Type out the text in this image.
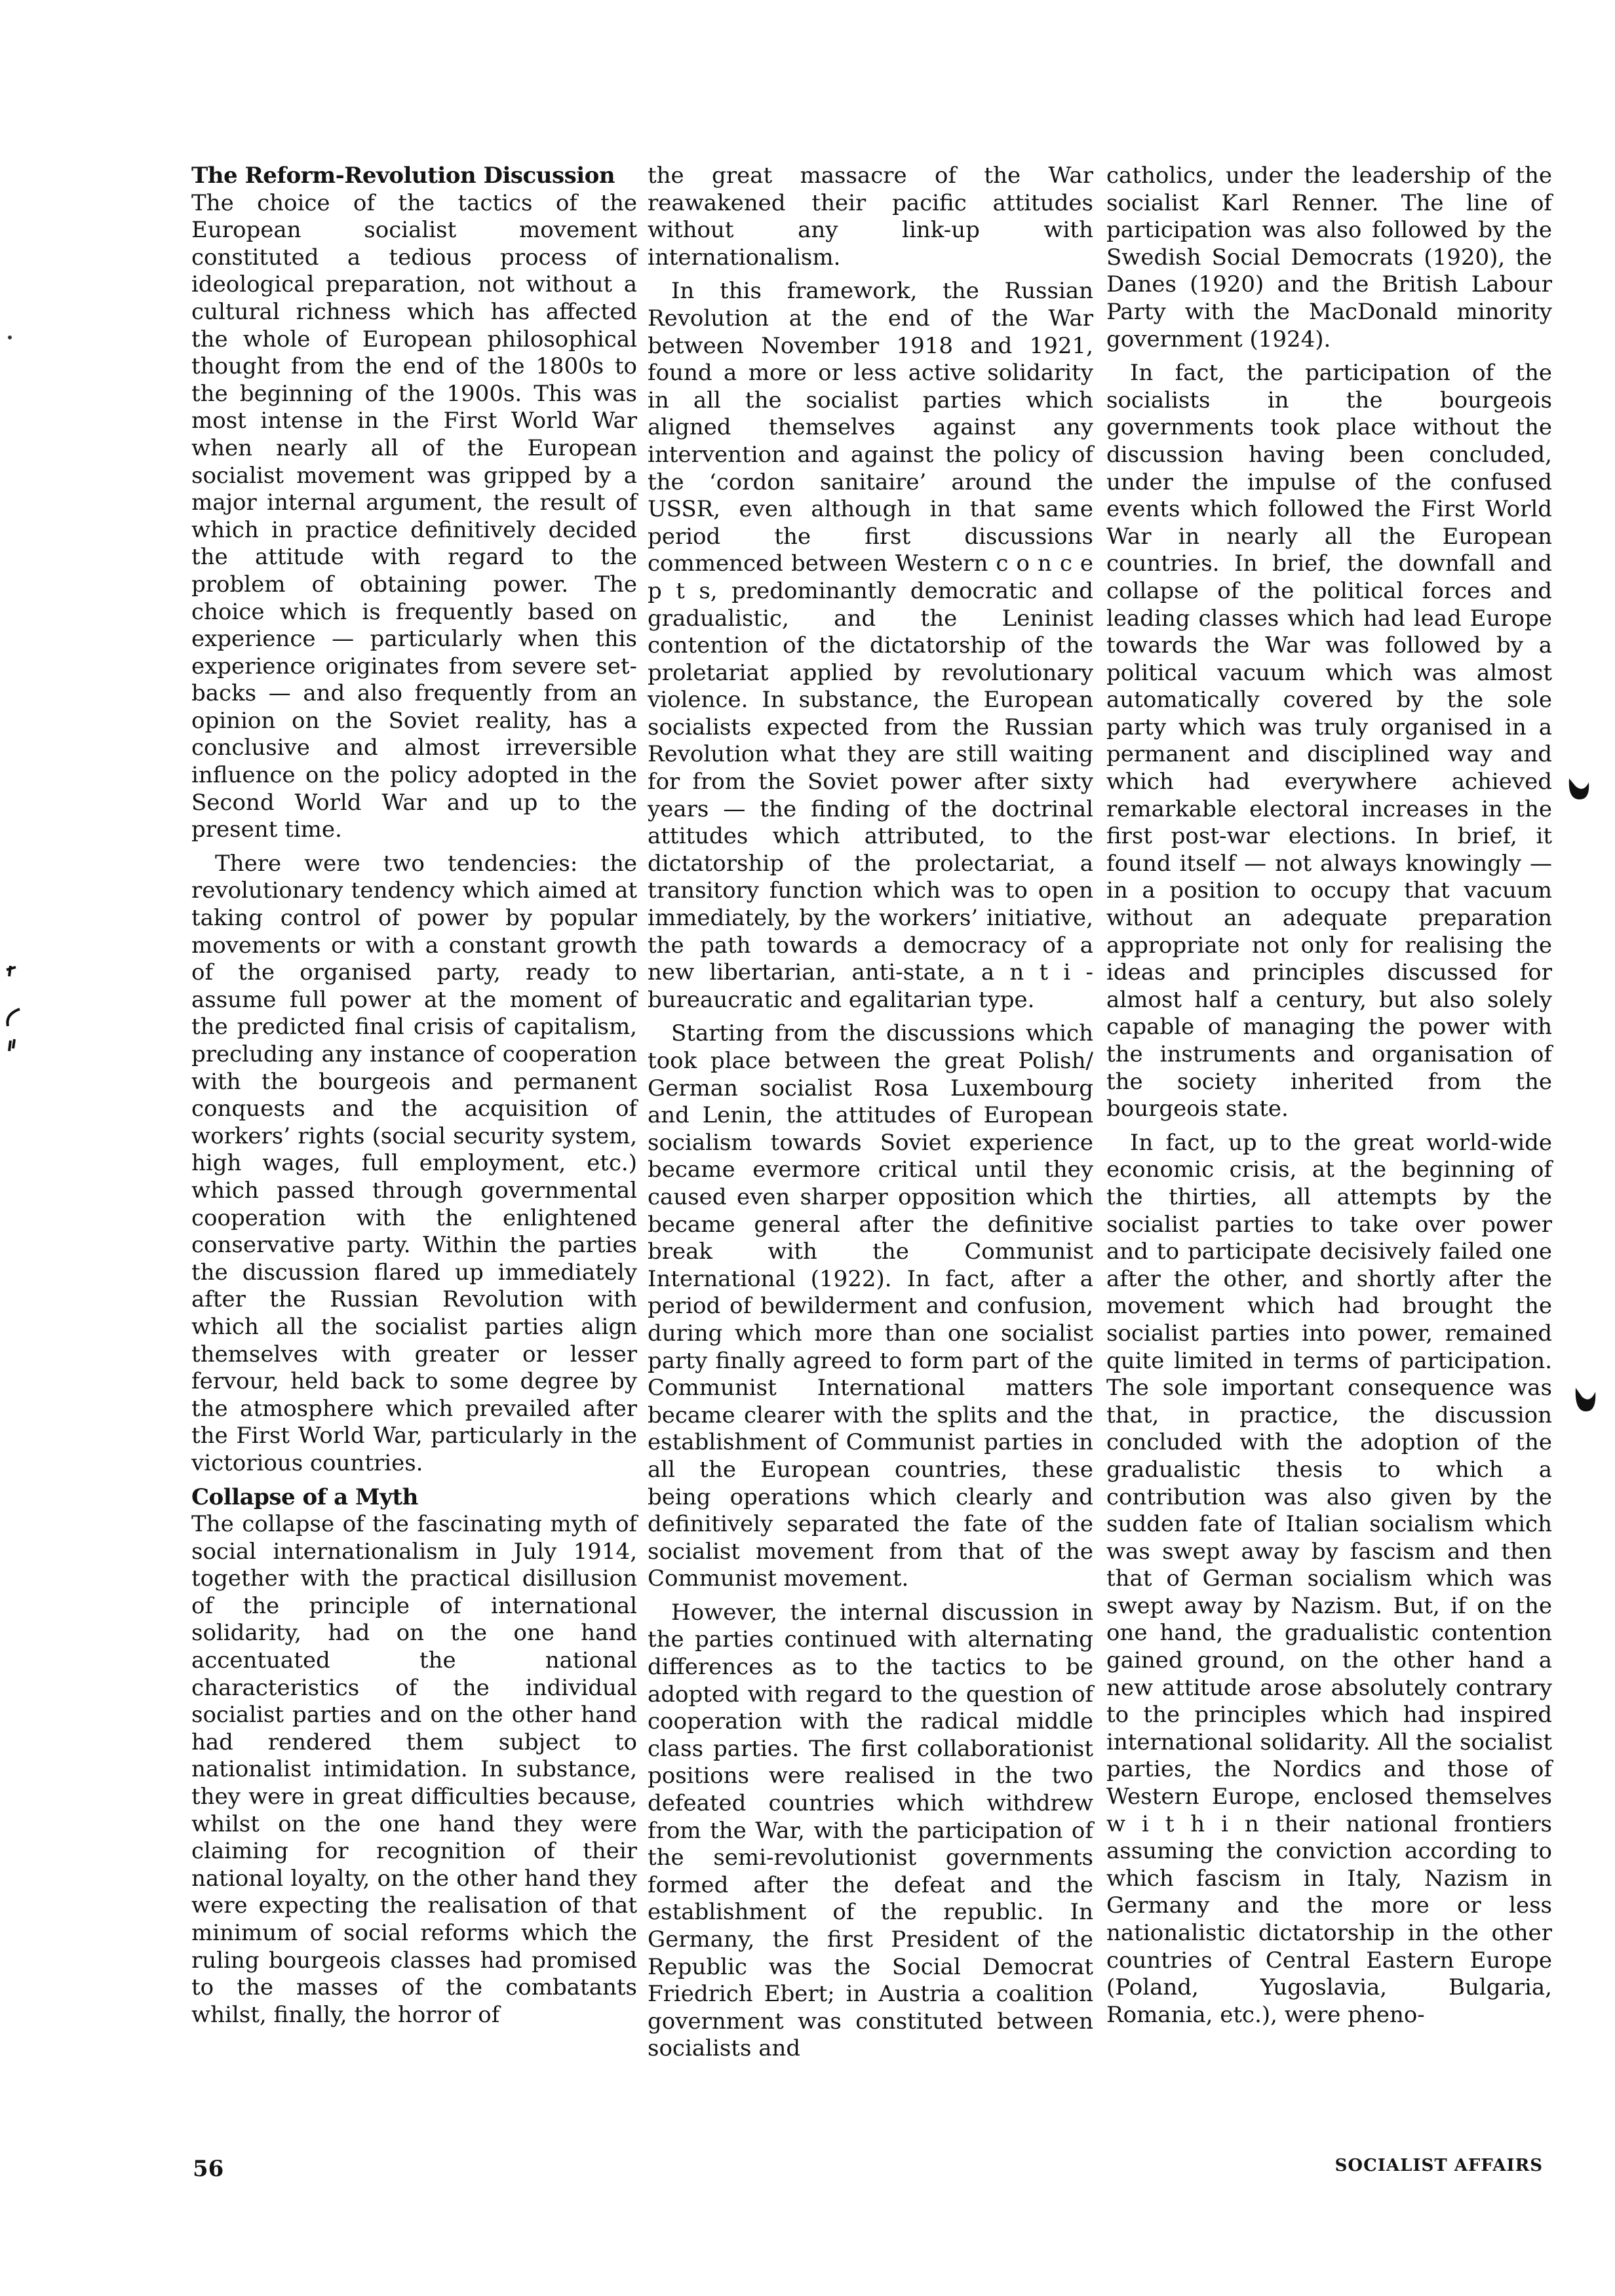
The Reform-Revolution Discussion

The choice of the tactics of the European socialist movement constituted a tedious process of ideological preparation, not without a cultural richness which has affected the whole of European philosophical thought from the end of the 1800s to the beginning of the 1900s. This was most intense in the First World War when nearly all of the European socialist movement was gripped by a major internal argument, the result of which in practice definitively decided the attitude with regard to the problem of obtaining power. The choice which is frequently based on experience — particularly when this experience originates from severe set-backs — and also frequently from an opinion on the Soviet reality, has a conclusive and almost irreversible influence on the policy adopted in the Second World War and up to the present time.

There were two tendencies: the revolutionary tendency which aimed at taking control of power by popular movements or with a constant growth of the organised party, ready to assume full power at the moment of the predicted final crisis of capitalism, precluding any instance of cooperation with the bourgeois and permanent conquests and the acquisition of workers’ rights (social security system, high wages, full employment, etc.) which passed through governmental cooperation with the enlightened conservative party. Within the parties the discussion flared up immediately after the Russian Revolution with which all the socialist parties align themselves with greater or lesser fervour, held back to some degree by the atmosphere which prevailed after the First World War, particularly in the victorious countries.

Collapse of a Myth

The collapse of the fascinating myth of social internationalism in July 1914, together with the practical disillusion of the principle of international solidarity, had on the one hand accentuated the national characteristics of the individual socialist parties and on the other hand had rendered them subject to nationalist intimidation. In substance, they were in great difficulties because, whilst on the one hand they were claiming for recognition of their national loyalty, on the other hand they were expecting the realisation of that minimum of social reforms which the ruling bourgeois classes had promised to the masses of the combatants whilst, finally, the horror of

the great massacre of the War reawakened their pacific attitudes without any link-up with internationalism.

In this framework, the Russian Revolution at the end of the War between November 1918 and 1921, found a more or less active solidarity in all the socialist parties which aligned themselves against any intervention and against the policy of the ‘cordon sanitaire’ around the USSR, even although in that same period the first discussions commenced between Western c o n c e p t s, predominantly democratic and gradualistic, and the Leninist contention of the dictatorship of the proletariat applied by revolutionary violence. In substance, the European socialists expected from the Russian Revolution what they are still waiting for from the Soviet power after sixty years — the finding of the doctrinal attitudes which attributed, to the dictatorship of the prolectariat, a transitory function which was to open immediately, by the workers’ initiative, the path towards a democracy of a new libertarian, anti-state, a n t i - bureaucratic and egalitarian type.

Starting from the discussions which took place between the great Polish/ German socialist Rosa Luxembourg and Lenin, the attitudes of European socialism towards Soviet experience became evermore critical until they caused even sharper opposition which became general after the definitive break with the Communist International (1922). In fact, after a period of bewilderment and confusion, during which more than one socialist party finally agreed to form part of the Communist International matters became clearer with the splits and the establishment of Communist parties in all the European countries, these being operations which clearly and definitively separated the fate of the socialist movement from that of the Communist movement.

However, the internal discussion in the parties continued with alternating differences as to the tactics to be adopted with regard to the question of cooperation with the radical middle class parties. The first collaborationist positions were realised in the two defeated countries which withdrew from the War, with the participation of the semi-revolutionist governments formed after the defeat and the establishment of the republic. In Germany, the first President of the Republic was the Social Democrat Friedrich Ebert; in Austria a coalition government was constituted between socialists and

catholics, under the leadership of the socialist Karl Renner. The line of participation was also followed by the Swedish Social Democrats (1920), the Danes (1920) and the British Labour Party with the MacDonald minority government (1924).

In fact, the participation of the socialists in the bourgeois governments took place without the discussion having been concluded, under the impulse of the confused events which followed the First World War in nearly all the European countries. In brief, the downfall and collapse of the political forces and leading classes which had lead Europe towards the War was followed by a political vacuum which was almost automatically covered by the sole party which was truly organised in a permanent and disciplined way and which had everywhere achieved remarkable electoral increases in the first post-war elections. In brief, it found itself — not always knowingly — in a position to occupy that vacuum without an adequate preparation appropriate not only for realising the ideas and principles discussed for almost half a century, but also solely capable of managing the power with the instruments and organisation of the society inherited from the bourgeois state.

In fact, up to the great world-wide economic crisis, at the beginning of the thirties, all attempts by the socialist parties to take over power and to participate decisively failed one after the other, and shortly after the movement which had brought the socialist parties into power, remained quite limited in terms of participation. The sole important consequence was that, in practice, the discussion concluded with the adoption of the gradualistic thesis to which a contribution was also given by the sudden fate of Italian socialism which was swept away by fascism and then that of German socialism which was swept away by Nazism. But, if on the one hand, the gradualistic contention gained ground, on the other hand a new attitude arose absolutely contrary to the principles which had inspired international solidarity. All the socialist parties, the Nordics and those of Western Europe, enclosed themselves w i t h i n their national frontiers assuming the conviction according to which fascism in Italy, Nazism in Germany and the more or less nationalistic dictatorship in the other countries of Central Eastern Europe (Poland, Yugoslavia, Bulgaria, Romania, etc.), were pheno-

56	SOCIALIST AFFAIRS
